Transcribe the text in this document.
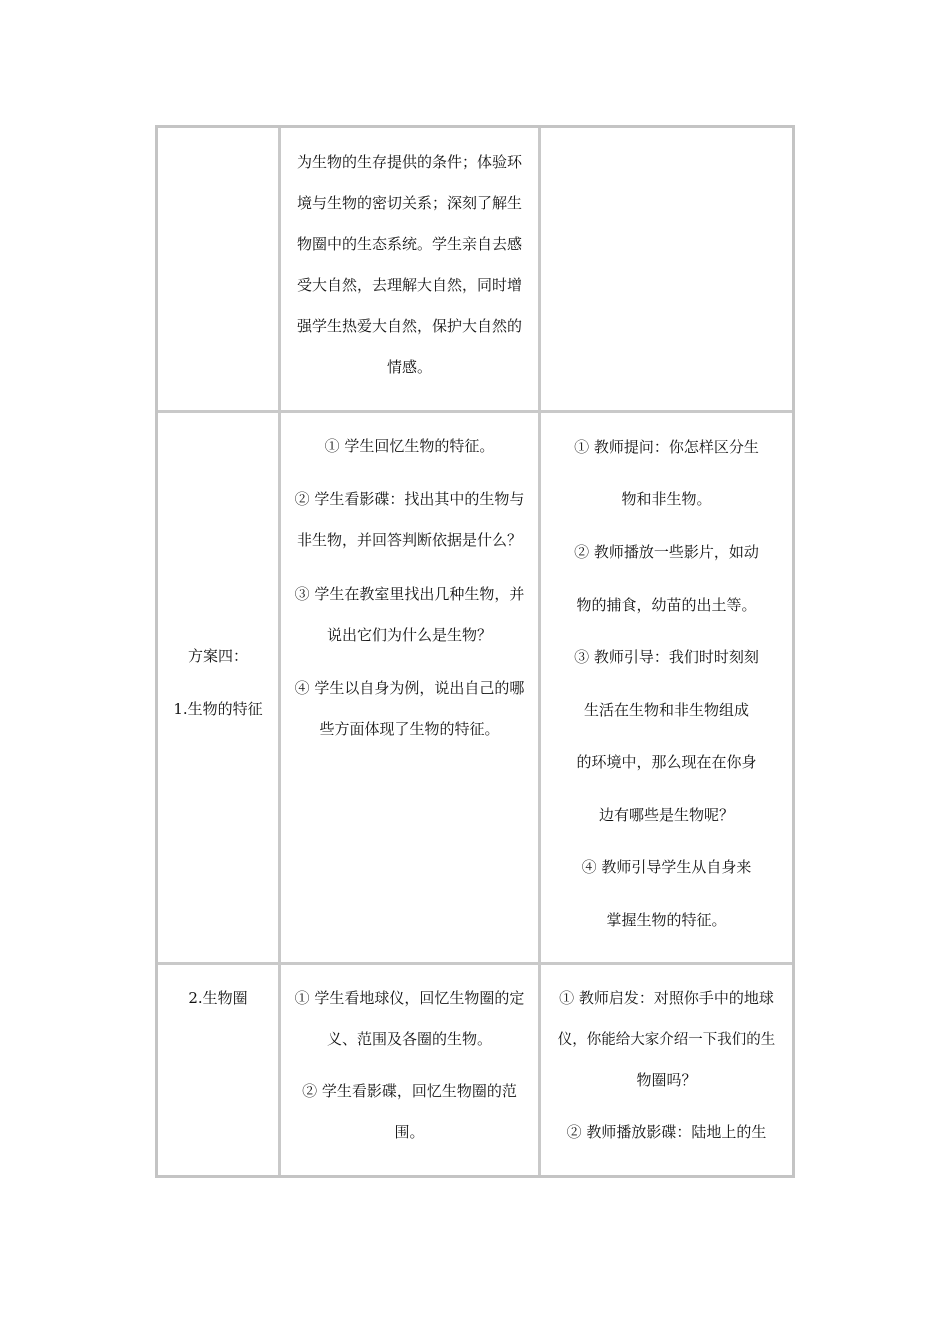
为生物的生存提供的条件；体验环
境与生物的密切关系；深刻了解生
物圈中的生态系统。学生亲自去感
受大自然，去理解大自然，同时增
强学生热爱大自然，保护大自然的
情感。
方案四：
1.生物的特征
① 学生回忆生物的特征。
② 学生看影碟：找出其中的生物与
非生物，并回答判断依据是什么？
③ 学生在教室里找出几种生物，并
说出它们为什么是生物？
④ 学生以自身为例，说出自己的哪
些方面体现了生物的特征。
① 教师提问：你怎样区分生
物和非生物。
② 教师播放一些影片，如动
物的捕食，幼苗的出土等。
③ 教师引导：我们时时刻刻
生活在生物和非生物组成
的环境中，那么现在在你身
边有哪些是生物呢？
④ 教师引导学生从自身来
掌握生物的特征。
2.生物圈	① 学生看地球仪，回忆生物圈的定
义、范围及各圈的生物。
② 学生看影碟，回忆生物圈的范
围。
① 教师启发：对照你手中的地球
仪，你能给大家介绍一下我们的生
物圈吗？
② 教师播放影碟：陆地上的生
